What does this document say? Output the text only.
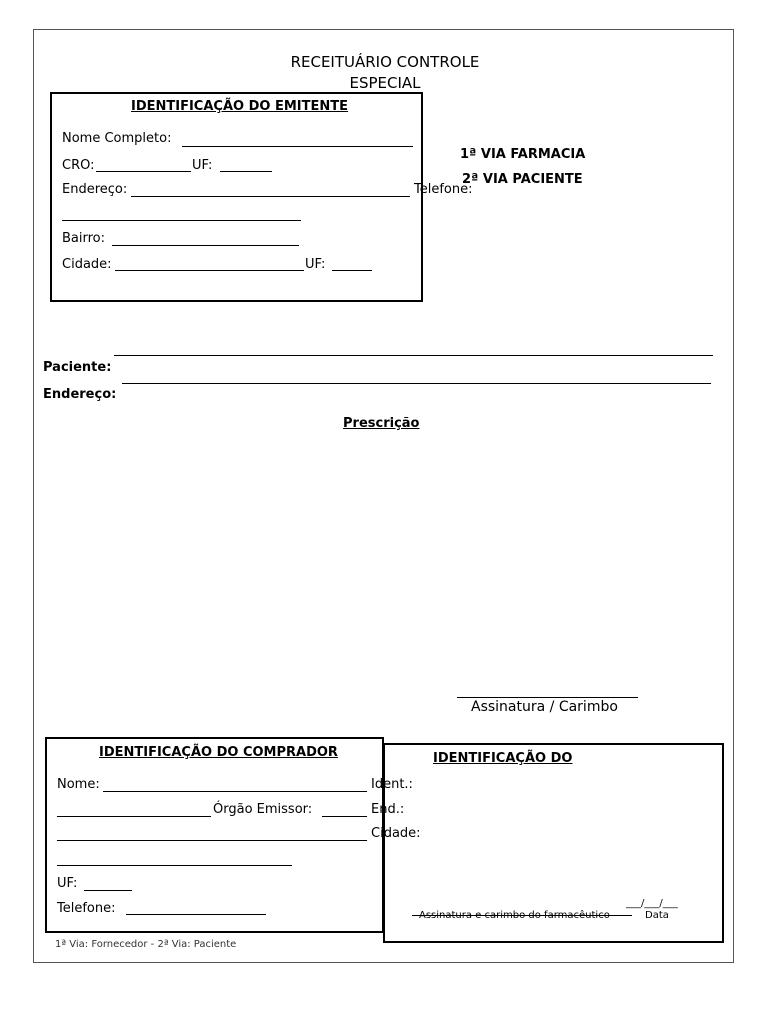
RECEITUÁRIO CONTROLE
ESPECIAL
IDENTIFICAÇÃO DO EMITENTE
Nome Completo:
CRO:	UF:
Endereço:	Telefone:
Bairro:
Cidade:	UF:
1ª VIA FARMACIA
2ª VIA PACIENTE
Paciente:
Endereço:
Prescrição
Assinatura / Carimbo
IDENTIFICAÇÃO DO
Ident.:
End.:
Cidade:
___/___/___
Assinatura e carimbo do farmacêutico	Data
IDENTIFICAÇÃO DO COMPRADOR
Nome:
Órgão Emissor:
UF:
Telefone:
1ª Via: Fornecedor - 2ª Via: Paciente
